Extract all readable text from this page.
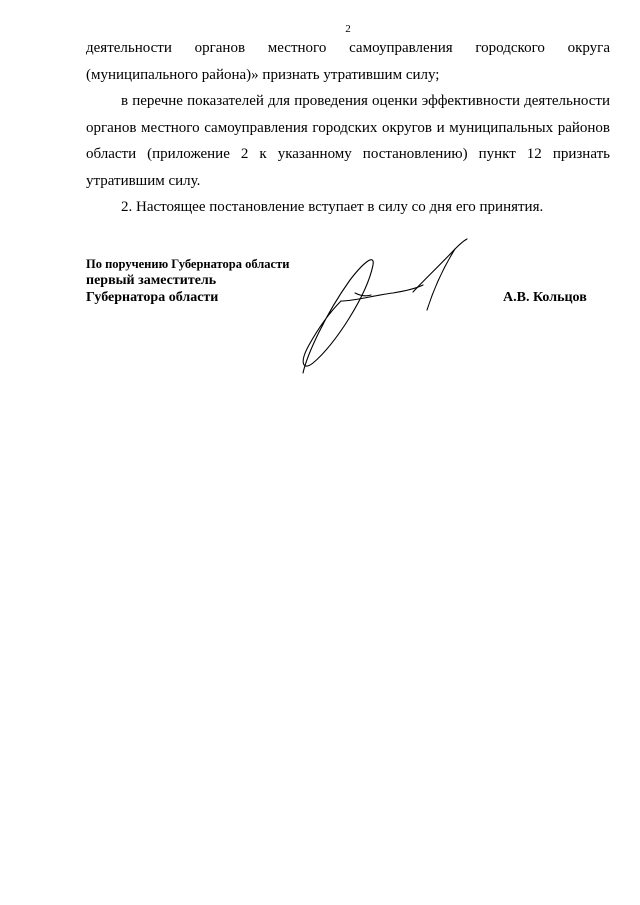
2

деятельности органов местного самоуправления городского округа (муниципального района)» признать утратившим силу;

в перечне показателей для проведения оценки эффективности деятельности органов местного самоуправления городских округов и муниципальных районов области (приложение 2 к указанному постановлению) пункт 12 признать утратившим силу.

2. Настоящее постановление вступает в силу со дня его принятия.

По поручению Губернатора области
первый заместитель
Губернатора области	А.В. Кольцов
